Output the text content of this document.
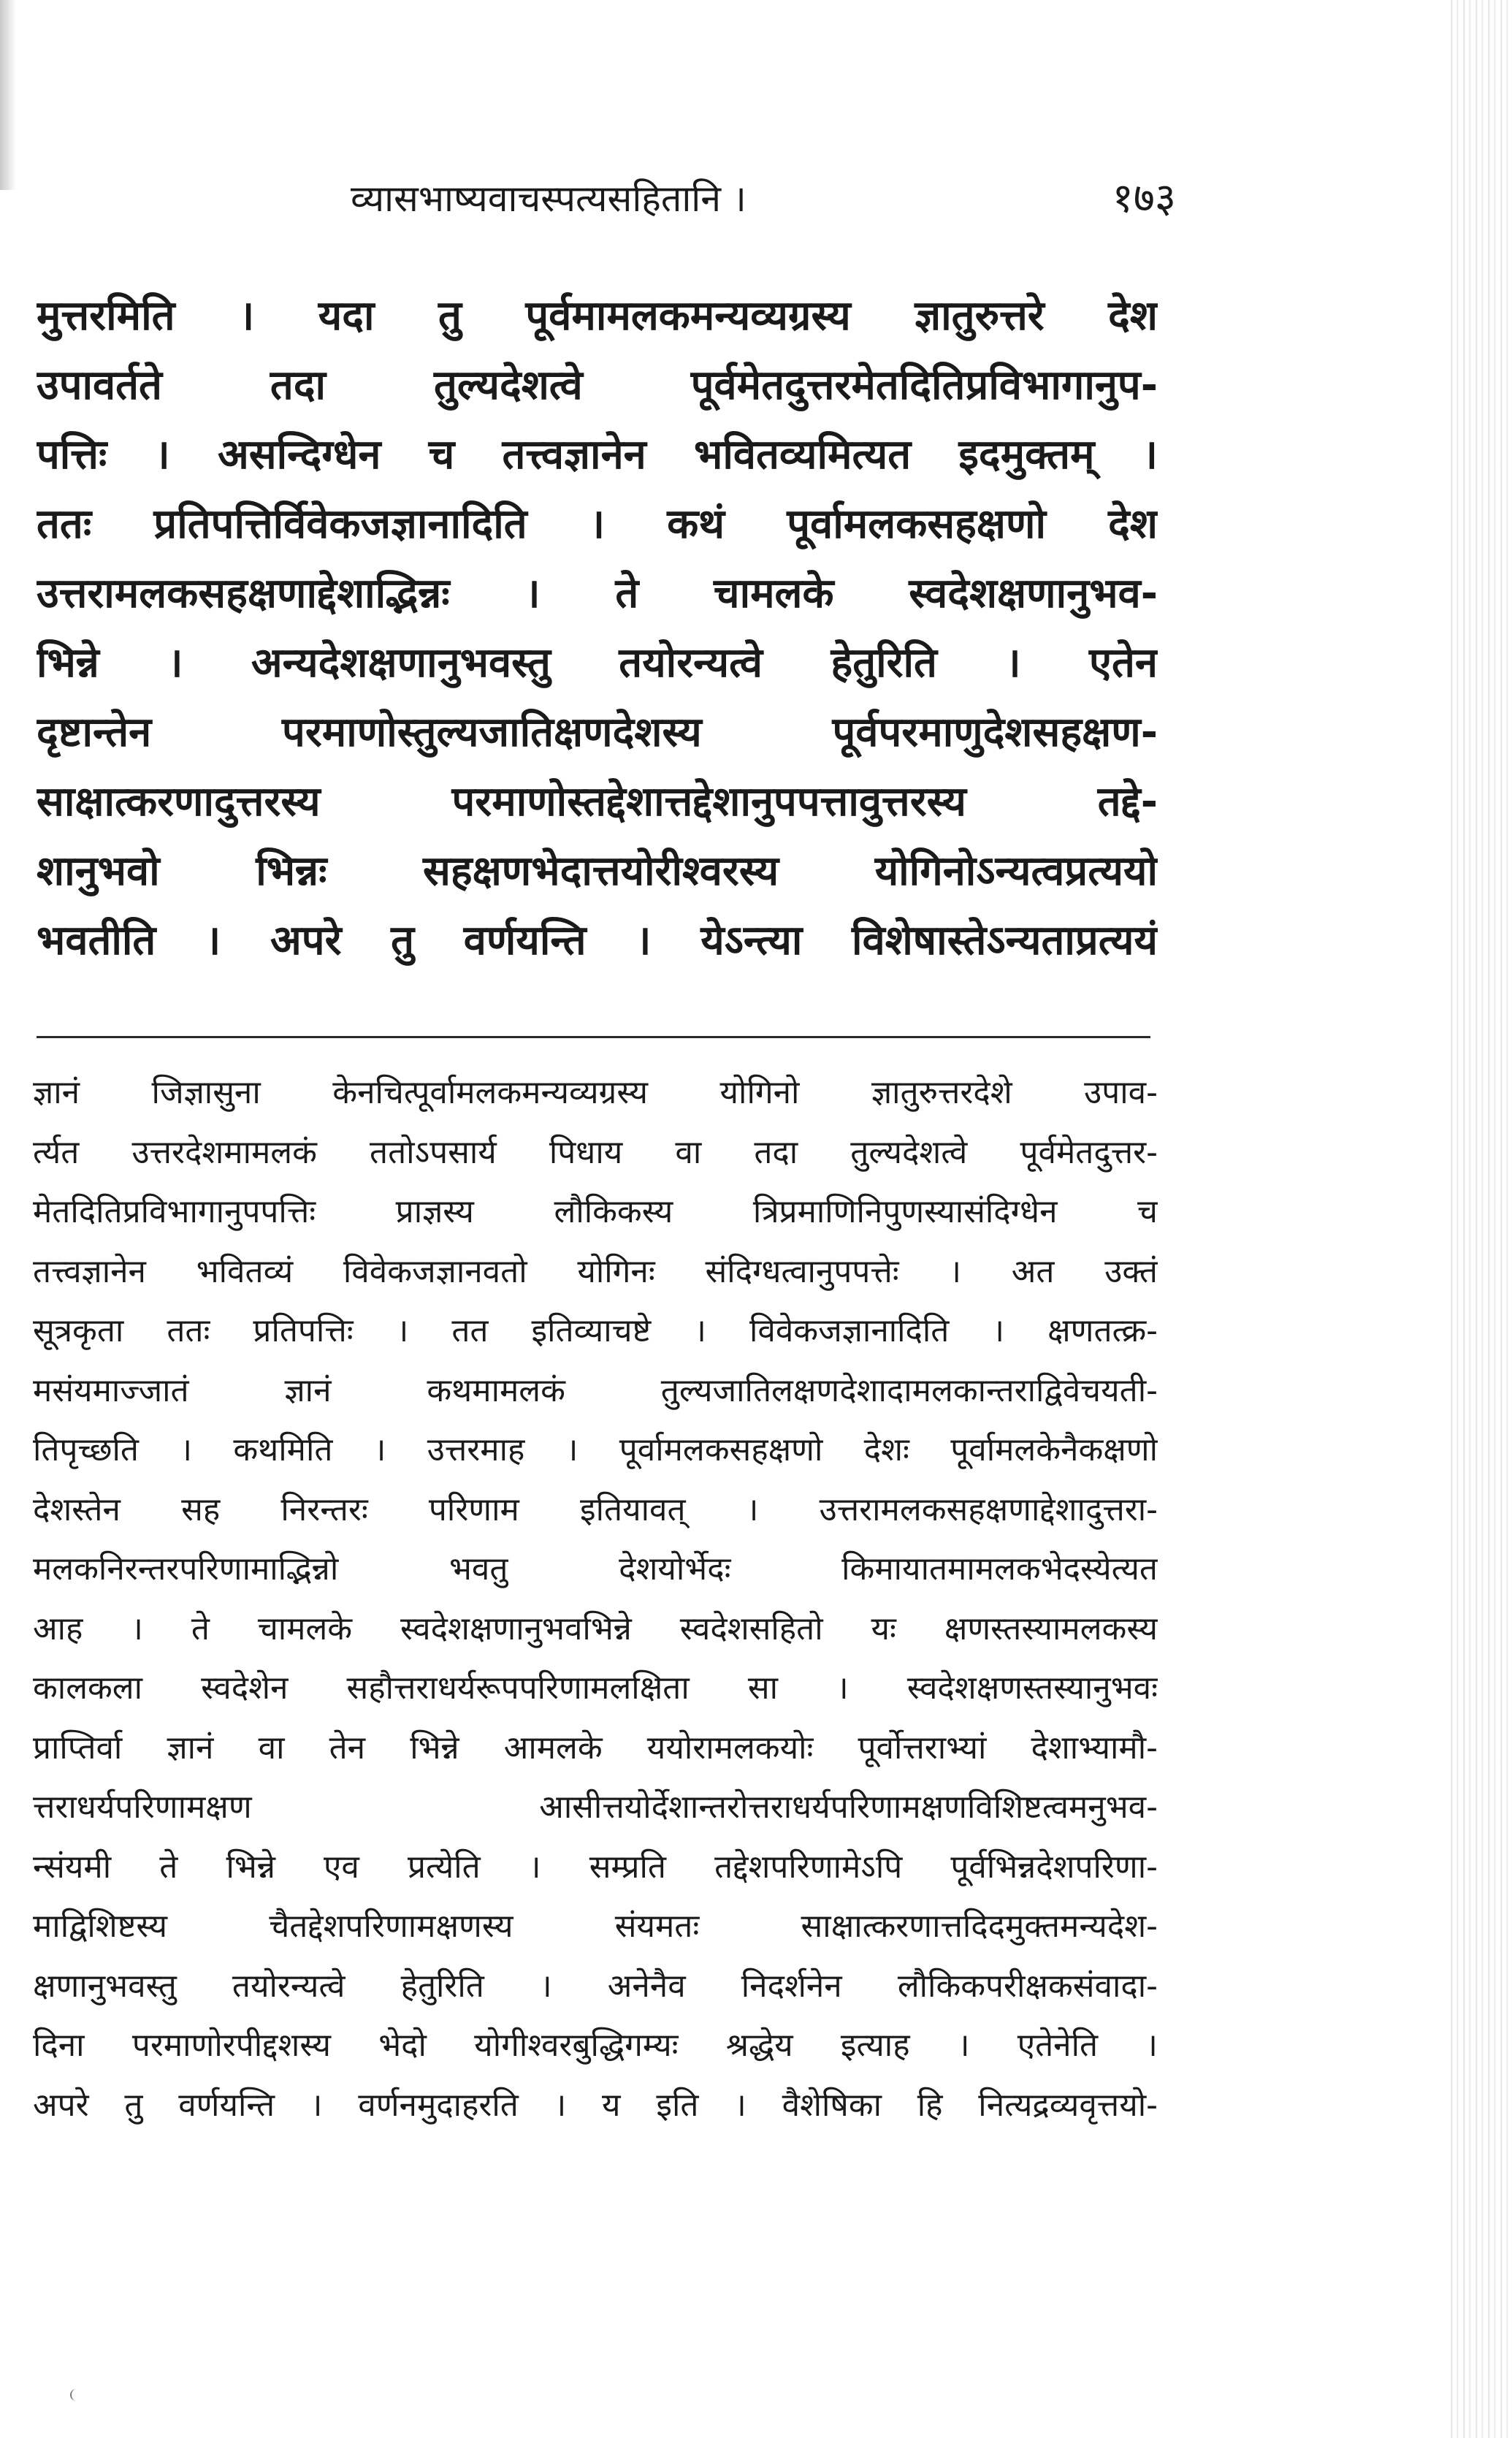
व्यासभाष्यवाचस्पत्यसहितानि ।	१७३
मुत्तरमिति । यदा तु पूर्वमामलकमन्यव्यग्रस्य ज्ञातुरुत्तरे देश
उपावर्तते तदा तुल्यदेशत्वे पूर्वमेतदुत्तरमेतदितिप्रविभागानुप-
पत्तिः । असन्दिग्धेन च तत्त्वज्ञानेन भवितव्यमित्यत इदमुक्तम् ।
ततः प्रतिपत्तिर्विवेकजज्ञानादिति । कथं पूर्वामलकसहक्षणो देश
उत्तरामलकसहक्षणाद्देशाद्भिन्नः । ते चामलके स्वदेशक्षणानुभव-
भिन्ने । अन्यदेशक्षणानुभवस्तु तयोरन्यत्वे हेतुरिति । एतेन
दृष्टान्तेन परमाणोस्तुल्यजातिक्षणदेशस्य पूर्वपरमाणुदेशसहक्षण-
साक्षात्करणादुत्तरस्य परमाणोस्तद्देशात्तद्देशानुपपत्तावुत्तरस्य तद्दे-
शानुभवो भिन्नः सहक्षणभेदात्तयोरीश्वरस्य योगिनोऽन्यत्वप्रत्ययो
भवतीति । अपरे तु वर्णयन्ति । येऽन्त्या विशेषास्तेऽन्यताप्रत्ययं
ज्ञानं जिज्ञासुना केनचित्पूर्वामलकमन्यव्यग्रस्य योगिनो ज्ञातुरुत्तरदेशे उपाव-
र्त्यत उत्तरदेशमामलकं ततोऽपसार्य पिधाय वा तदा तुल्यदेशत्वे पूर्वमेतदुत्तर-
मेतदितिप्रविभागानुपपत्तिः प्राज्ञस्य लौकिकस्य त्रिप्रमाणिनिपुणस्यासंदिग्धेन च
तत्त्वज्ञानेन भवितव्यं विवेकजज्ञानवतो योगिनः संदिग्धत्वानुपपत्तेः । अत उक्तं
सूत्रकृता ततः प्रतिपत्तिः । तत इतिव्याचष्टे । विवेकजज्ञानादिति । क्षणतत्क्र-
मसंयमाज्जातं ज्ञानं कथमामलकं तुल्यजातिलक्षणदेशादामलकान्तराद्विवेचयती-
तिपृच्छति । कथमिति । उत्तरमाह । पूर्वामलकसहक्षणो देशः पूर्वामलकेनैकक्षणो
देशस्तेन सह निरन्तरः परिणाम इतियावत् । उत्तरामलकसहक्षणाद्देशादुत्तरा-
मलकनिरन्तरपरिणामाद्भिन्नो भवतु देशयोर्भेदः किमायातमामलकभेदस्येत्यत
आह । ते चामलके स्वदेशक्षणानुभवभिन्ने स्वदेशसहितो यः क्षणस्तस्यामलकस्य
कालकला स्वदेशेन सहौत्तराधर्यरूपपरिणामलक्षिता सा । स्वदेशक्षणस्तस्यानुभवः
प्राप्तिर्वा ज्ञानं वा तेन भिन्ने आमलके ययोरामलकयोः पूर्वोत्तराभ्यां देशाभ्यामौ-
त्तराधर्यपरिणामक्षण आसीत्तयोर्देशान्तरोत्तराधर्यपरिणामक्षणविशिष्टत्वमनुभव-
न्संयमी ते भिन्ने एव प्रत्येति । सम्प्रति तद्देशपरिणामेऽपि पूर्वभिन्नदेशपरिणा-
माद्विशिष्टस्य चैतद्देशपरिणामक्षणस्य संयमतः साक्षात्करणात्तदिदमुक्तमन्यदेश-
क्षणानुभवस्तु तयोरन्यत्वे हेतुरिति । अनेनैव निदर्शनेन लौकिकपरीक्षकसंवादा-
दिना परमाणोरपीद्दशस्य भेदो योगीश्वरबुद्धिगम्यः श्रद्धेय इत्याह । एतेनेति ।
अपरे तु वर्णयन्ति । वर्णनमुदाहरति । य इति । वैशेषिका हि नित्यद्रव्यवृत्तयो-
